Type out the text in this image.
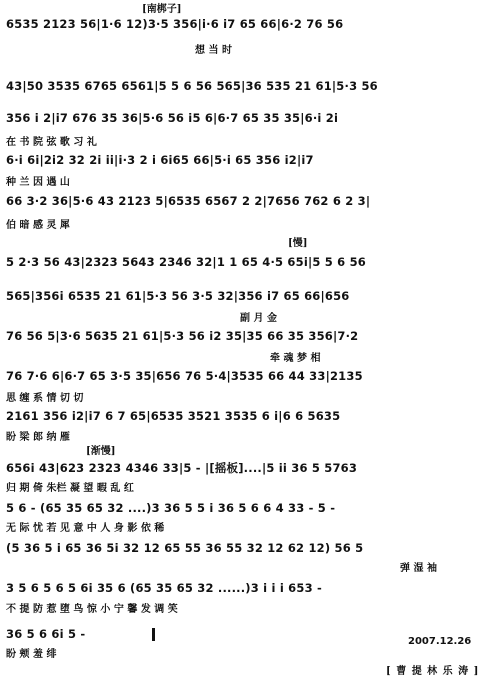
[南梆子]
[慢]
[渐慢]
6535 2123 56|1·6 12)3·5 356|i·6 i7 65 66|6·2 76 56
想 当 时
43|50 3535 6765 6561|5 5 6 56 565|36 535 21 61|5·3 56
356 i 2|i7 676 35 36|5·6 56 i5 6|6·7 65 35 35|6·i 2i
在 书 院 弦 歌 习 礼
6·i 6i|2i2 32 2i ii|i·3 2 i 6i65 66|5·i 65 356 i2|i7
种 兰 因 遇 山
66 3·2 36|5·6 43 2123 5|6535 6567 2 2|7656 762 6 2 3|
伯 暗 感 灵 犀
5 2·3 56 43|2323 5643 2346 32|1 1 65 4·5 65i|5 5 6 56
565|356i 6535 21 61|5·3 56 3·5 32|356 i7 65 66|656
副 月 金
76 56 5|3·6 5635 21 61|5·3 56 i2 35|35 66 35 356|7·2
牵 魂 梦 相
76 7·6 6|6·7 65 3·5 35|656 76 5·4|3535 66 44 33|2135
思 缠 系 情 切 切
2161 356 i2|i7 6 7 65|6535 3521 3535 6 i|6 6 5635
盼 梁 郎 纳 雁
656i 43|623 2323 4346 33|5 - |[摇板]....|5 ii 36 5 5763
归 期 倚 朱栏 凝 望 暇 乱 红
5 6 - (65 35 65 32 ....)3 36 5 5 i 36 5 6 6 4 33 - 5 -
无 际 忧 若 见 意 中 人 身 影 依 稀
(5 36 5 i 65 36 5i 32 12 65 55 36 55 32 12 62 12) 56 5
弹 湿 袖
3 5 6 5 6 5 6i 35 6 (65 35 65 32 ......)3 i i i 653 -
不 提 防 惹 堕 鸟 惊 小 宁 馨 发 调 笑
36 5 6 6i 5 -
盼 颊 羞 绯
2007.12.26
[ 曹 提 林 乐 涛 ]
